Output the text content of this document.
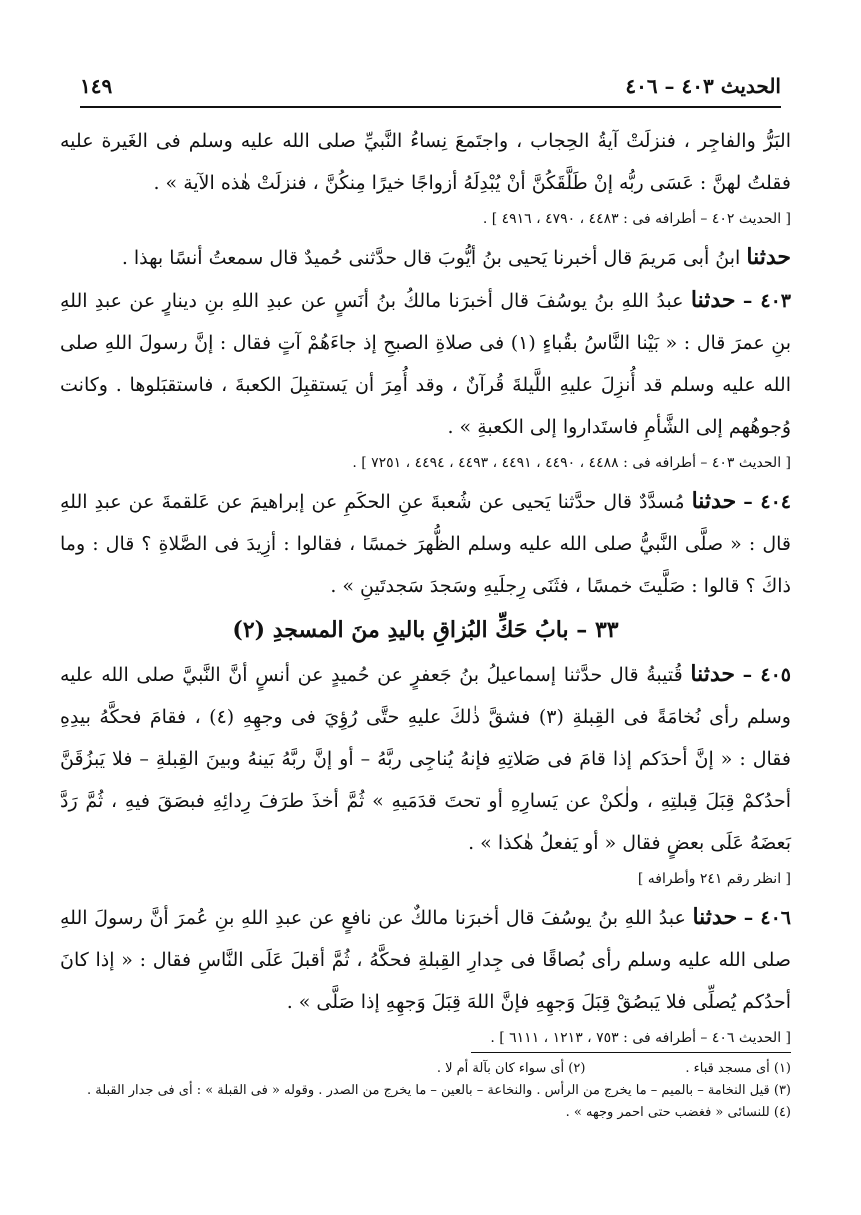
الحديث ٤٠٣ – ٤٠٦
١٤٩

البَرُّ والفاجِر ، فنزلَتْ آيةُ الحِجاب ، واجتَمعَ نِساءُ النَّبيِّ صلى الله عليه وسلم فى الغَيرة عليه فقلتُ لهنَّ : عَسَى ربُّه إنْ طَلَّقَكُنَّ أنْ يُبْدِلَهُ أزواجًا خيرًا مِنكُنَّ ، فنزلَتْ هٰذه الآية » .

[ الحديث ٤٠٢ – أطرافه فى : ٤٤٨٣ ، ٤٧٩٠ ، ٤٩١٦ ] .

حدثنا ابنُ أبى مَريمَ قال أخبرنا يَحيى بنُ أيُّوبَ قال حدَّثنى حُميدٌ قال سمعتُ أنسًا بهذا .

٤٠٣ – حدثنا عبدُ اللهِ بنُ يوسُفَ قال أخبرَنا مالكُ بنُ أنَسٍ عن عبدِ اللهِ بنِ دينارٍ عن عبدِ اللهِ بنِ عمرَ قال : « بَيْنا النَّاسُ بقُباءٍ (١) فى صلاةِ الصبحِ إذ جاءَهُمْ آتٍ فقال : إنَّ رسولَ اللهِ صلى الله عليه وسلم قد أُنزِلَ عليهِ اللَّيلةَ قُرآنٌ ، وقد أُمِرَ أن يَستقبِلَ الكعبةَ ، فاستقبَلوها . وكانت وُجوهُهم إلى الشَّأمِ فاستَداروا إلى الكعبةِ » .

[ الحديث ٤٠٣ – أطرافه فى : ٤٤٨٨ ، ٤٤٩٠ ، ٤٤٩١ ، ٤٤٩٣ ، ٤٤٩٤ ، ٧٢٥١ ] .

٤٠٤ – حدثنا مُسدَّدٌ قال حدَّثنا يَحيى عن شُعبةَ عنِ الحكَمِ عن إبراهيمَ عن عَلقمةَ عن عبدِ اللهِ قال : « صلَّى النَّبيُّ صلى الله عليه وسلم الظُّهرَ خمسًا ، فقالوا : أزِيدَ فى الصَّلاةِ ؟ قال : وما ذاكَ ؟ قالوا : صَلَّيتَ خمسًا ، فثَنَى رِجلَيهِ وسَجدَ سَجدتَينِ » .

٣٣ – بابُ حَكِّ البُزاقِ باليدِ منَ المسجدِ (٢)

٤٠٥ – حدثنا قُتيبةُ قال حدَّثنا إسماعيلُ بنُ جَعفرٍ عن حُميدٍ عن أنسٍ أنَّ النَّبيَّ صلى الله عليه وسلم رأى نُخامَةً فى القِبلةِ (٣) فشقَّ ذٰلكَ عليهِ حتَّى رُؤِيَ فى وجهِهِ (٤) ، فقامَ فحكَّهُ بيدِهِ فقال : « إنَّ أحدَكم إذا قامَ فى صَلاتِهِ فإنهُ يُناجِى ربَّهُ – أو إنَّ ربَّهُ بَينهُ وبينَ القِبلةِ – فلا يَبزُقَنَّ أحدُكمْ قِبَلَ قِبلتِهِ ، ولٰكنْ عن يَسارِهِ أو تحتَ قدَمَيهِ » ثُمَّ أخذَ طرَفَ رِدائِهِ فبصَقَ فيهِ ، ثُمَّ رَدَّ بَعضَهُ عَلَى بعضٍ فقال « أو يَفعلُ هٰكذا » .

[ انظر رقم ٢٤١ وأطرافه ]

٤٠٦ – حدثنا عبدُ اللهِ بنُ يوسُفَ قال أخبرَنا مالكٌ عن نافعٍ عن عبدِ اللهِ بنِ عُمرَ أنَّ رسولَ اللهِ صلى الله عليه وسلم رأى بُصاقًا فى جِدارِ القِبلةِ فحكَّهُ ، ثُمَّ أقبلَ عَلَى النَّاسِ فقال : « إذا كانَ أحدُكم يُصلِّى فلا يَبصُقْ قِبَلَ وَجهِهِ فإنَّ اللهَ قِبَلَ وَجهِهِ إذا صَلَّى » .

[ الحديث ٤٠٦ – أطرافه فى : ٧٥٣ ، ١٢١٣ ، ٦١١١ ] .

(١) أى مسجد قباء .
(٢) أى سواء كان بآلة أم لا .
(٣) قيل النخامة – بالميم – ما يخرج من الرأس . والنخاعة – بالعين – ما يخرج من الصدر . وقوله « فى القبلة » : أى فى جدار القبلة .
(٤) للنسائى « فغضب حتى احمر وجهه » .
